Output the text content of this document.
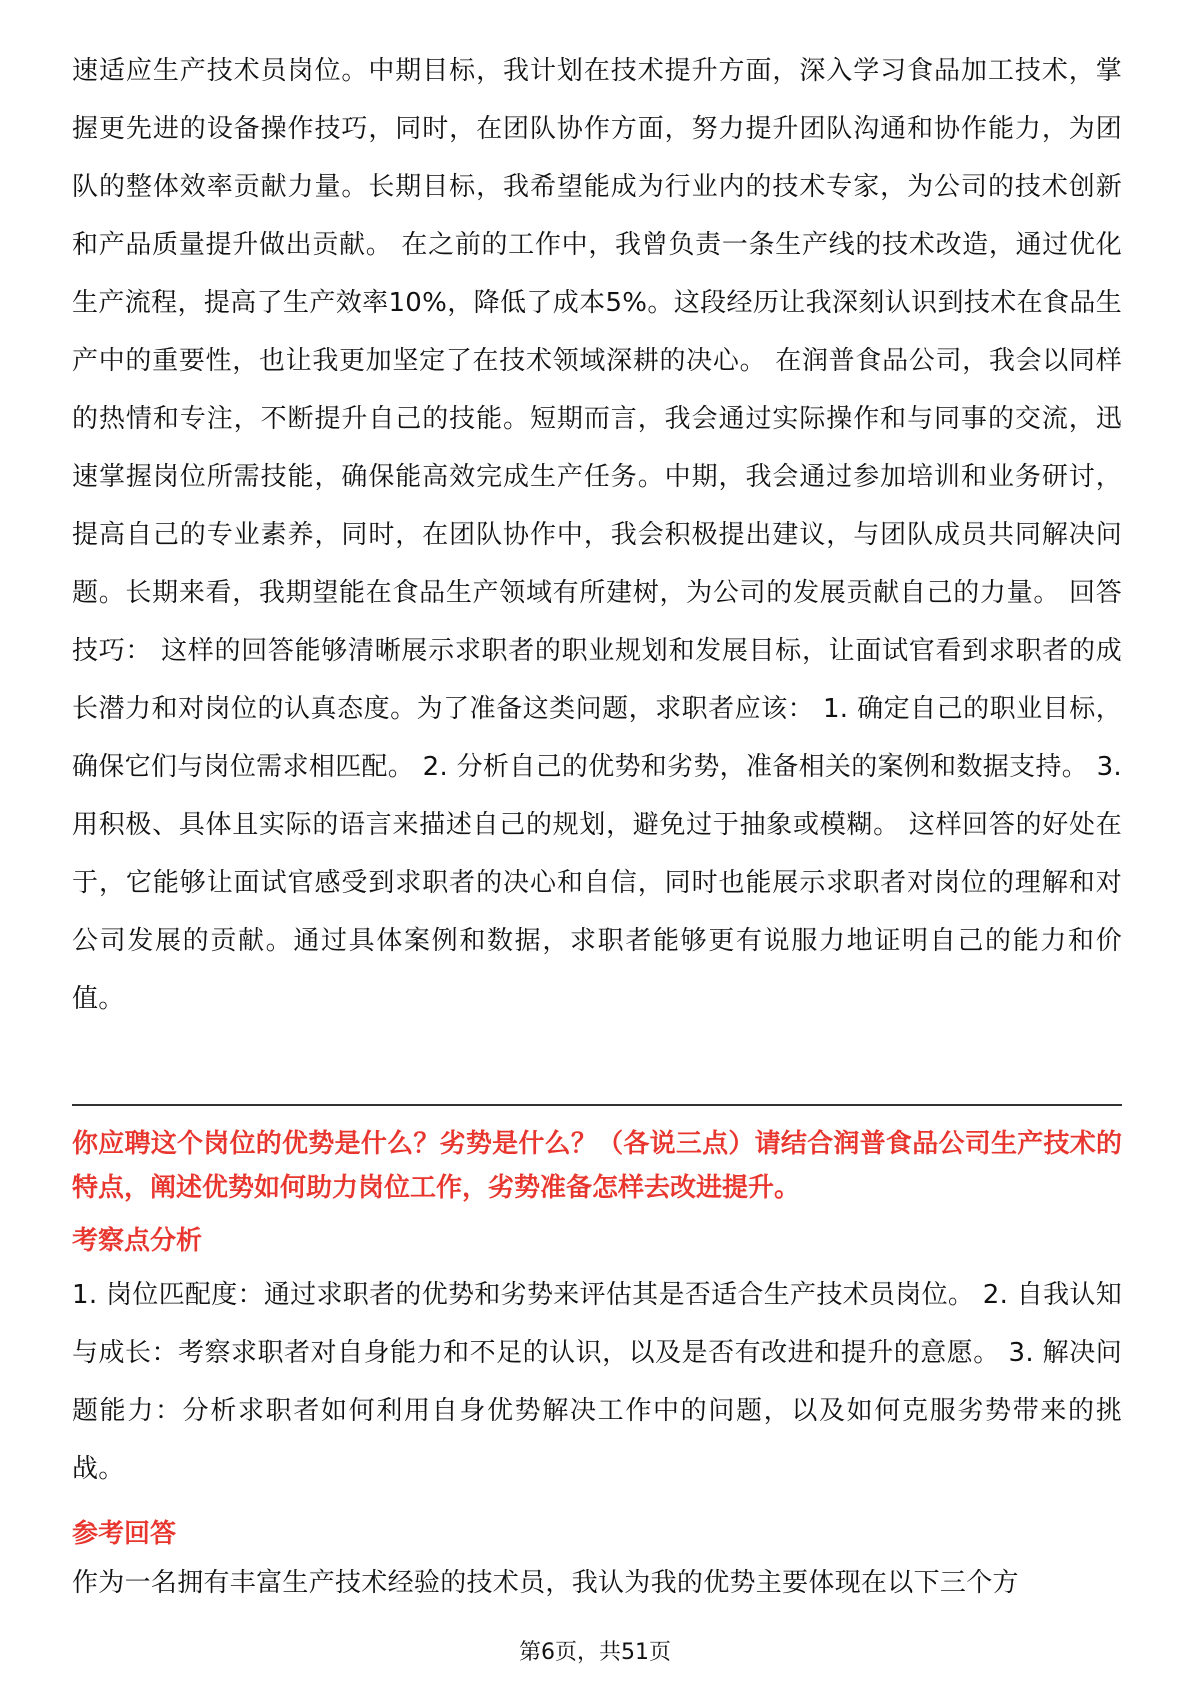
速适应生产技术员岗位。中期目标，我计划在技术提升方面，深入学习食品加工技术，掌握更先进的设备操作技巧，同时，在团队协作方面，努力提升团队沟通和协作能力，为团队的整体效率贡献力量。长期目标，我希望能成为行业内的技术专家，为公司的技术创新和产品质量提升做出贡献。 在之前的工作中，我曾负责一条生产线的技术改造，通过优化生产流程，提高了生产效率10%，降低了成本5%。这段经历让我深刻认识到技术在食品生产中的重要性，也让我更加坚定了在技术领域深耕的决心。 在润普食品公司，我会以同样的热情和专注，不断提升自己的技能。短期而言，我会通过实际操作和与同事的交流，迅速掌握岗位所需技能，确保能高效完成生产任务。中期，我会通过参加培训和业务研讨，提高自己的专业素养，同时，在团队协作中，我会积极提出建议，与团队成员共同解决问题。长期来看，我期望能在食品生产领域有所建树，为公司的发展贡献自己的力量。 回答技巧： 这样的回答能够清晰展示求职者的职业规划和发展目标，让面试官看到求职者的成长潜力和对岗位的认真态度。为了准备这类问题，求职者应该： 1. 确定自己的职业目标，确保它们与岗位需求相匹配。 2. 分析自己的优势和劣势，准备相关的案例和数据支持。 3. 用积极、具体且实际的语言来描述自己的规划，避免过于抽象或模糊。 这样回答的好处在于，它能够让面试官感受到求职者的决心和自信，同时也能展示求职者对岗位的理解和对公司发展的贡献。通过具体案例和数据，求职者能够更有说服力地证明自己的能力和价值。
你应聘这个岗位的优势是什么？劣势是什么？（各说三点）请结合润普食品公司生产技术的特点，阐述优势如何助力岗位工作，劣势准备怎样去改进提升。
考察点分析
1. 岗位匹配度：通过求职者的优势和劣势来评估其是否适合生产技术员岗位。 2. 自我认知与成长：考察求职者对自身能力和不足的认识，以及是否有改进和提升的意愿。 3. 解决问题能力：分析求职者如何利用自身优势解决工作中的问题，以及如何克服劣势带来的挑战。
参考回答
作为一名拥有丰富生产技术经验的技术员，我认为我的优势主要体现在以下三个方
第6页，共51页
